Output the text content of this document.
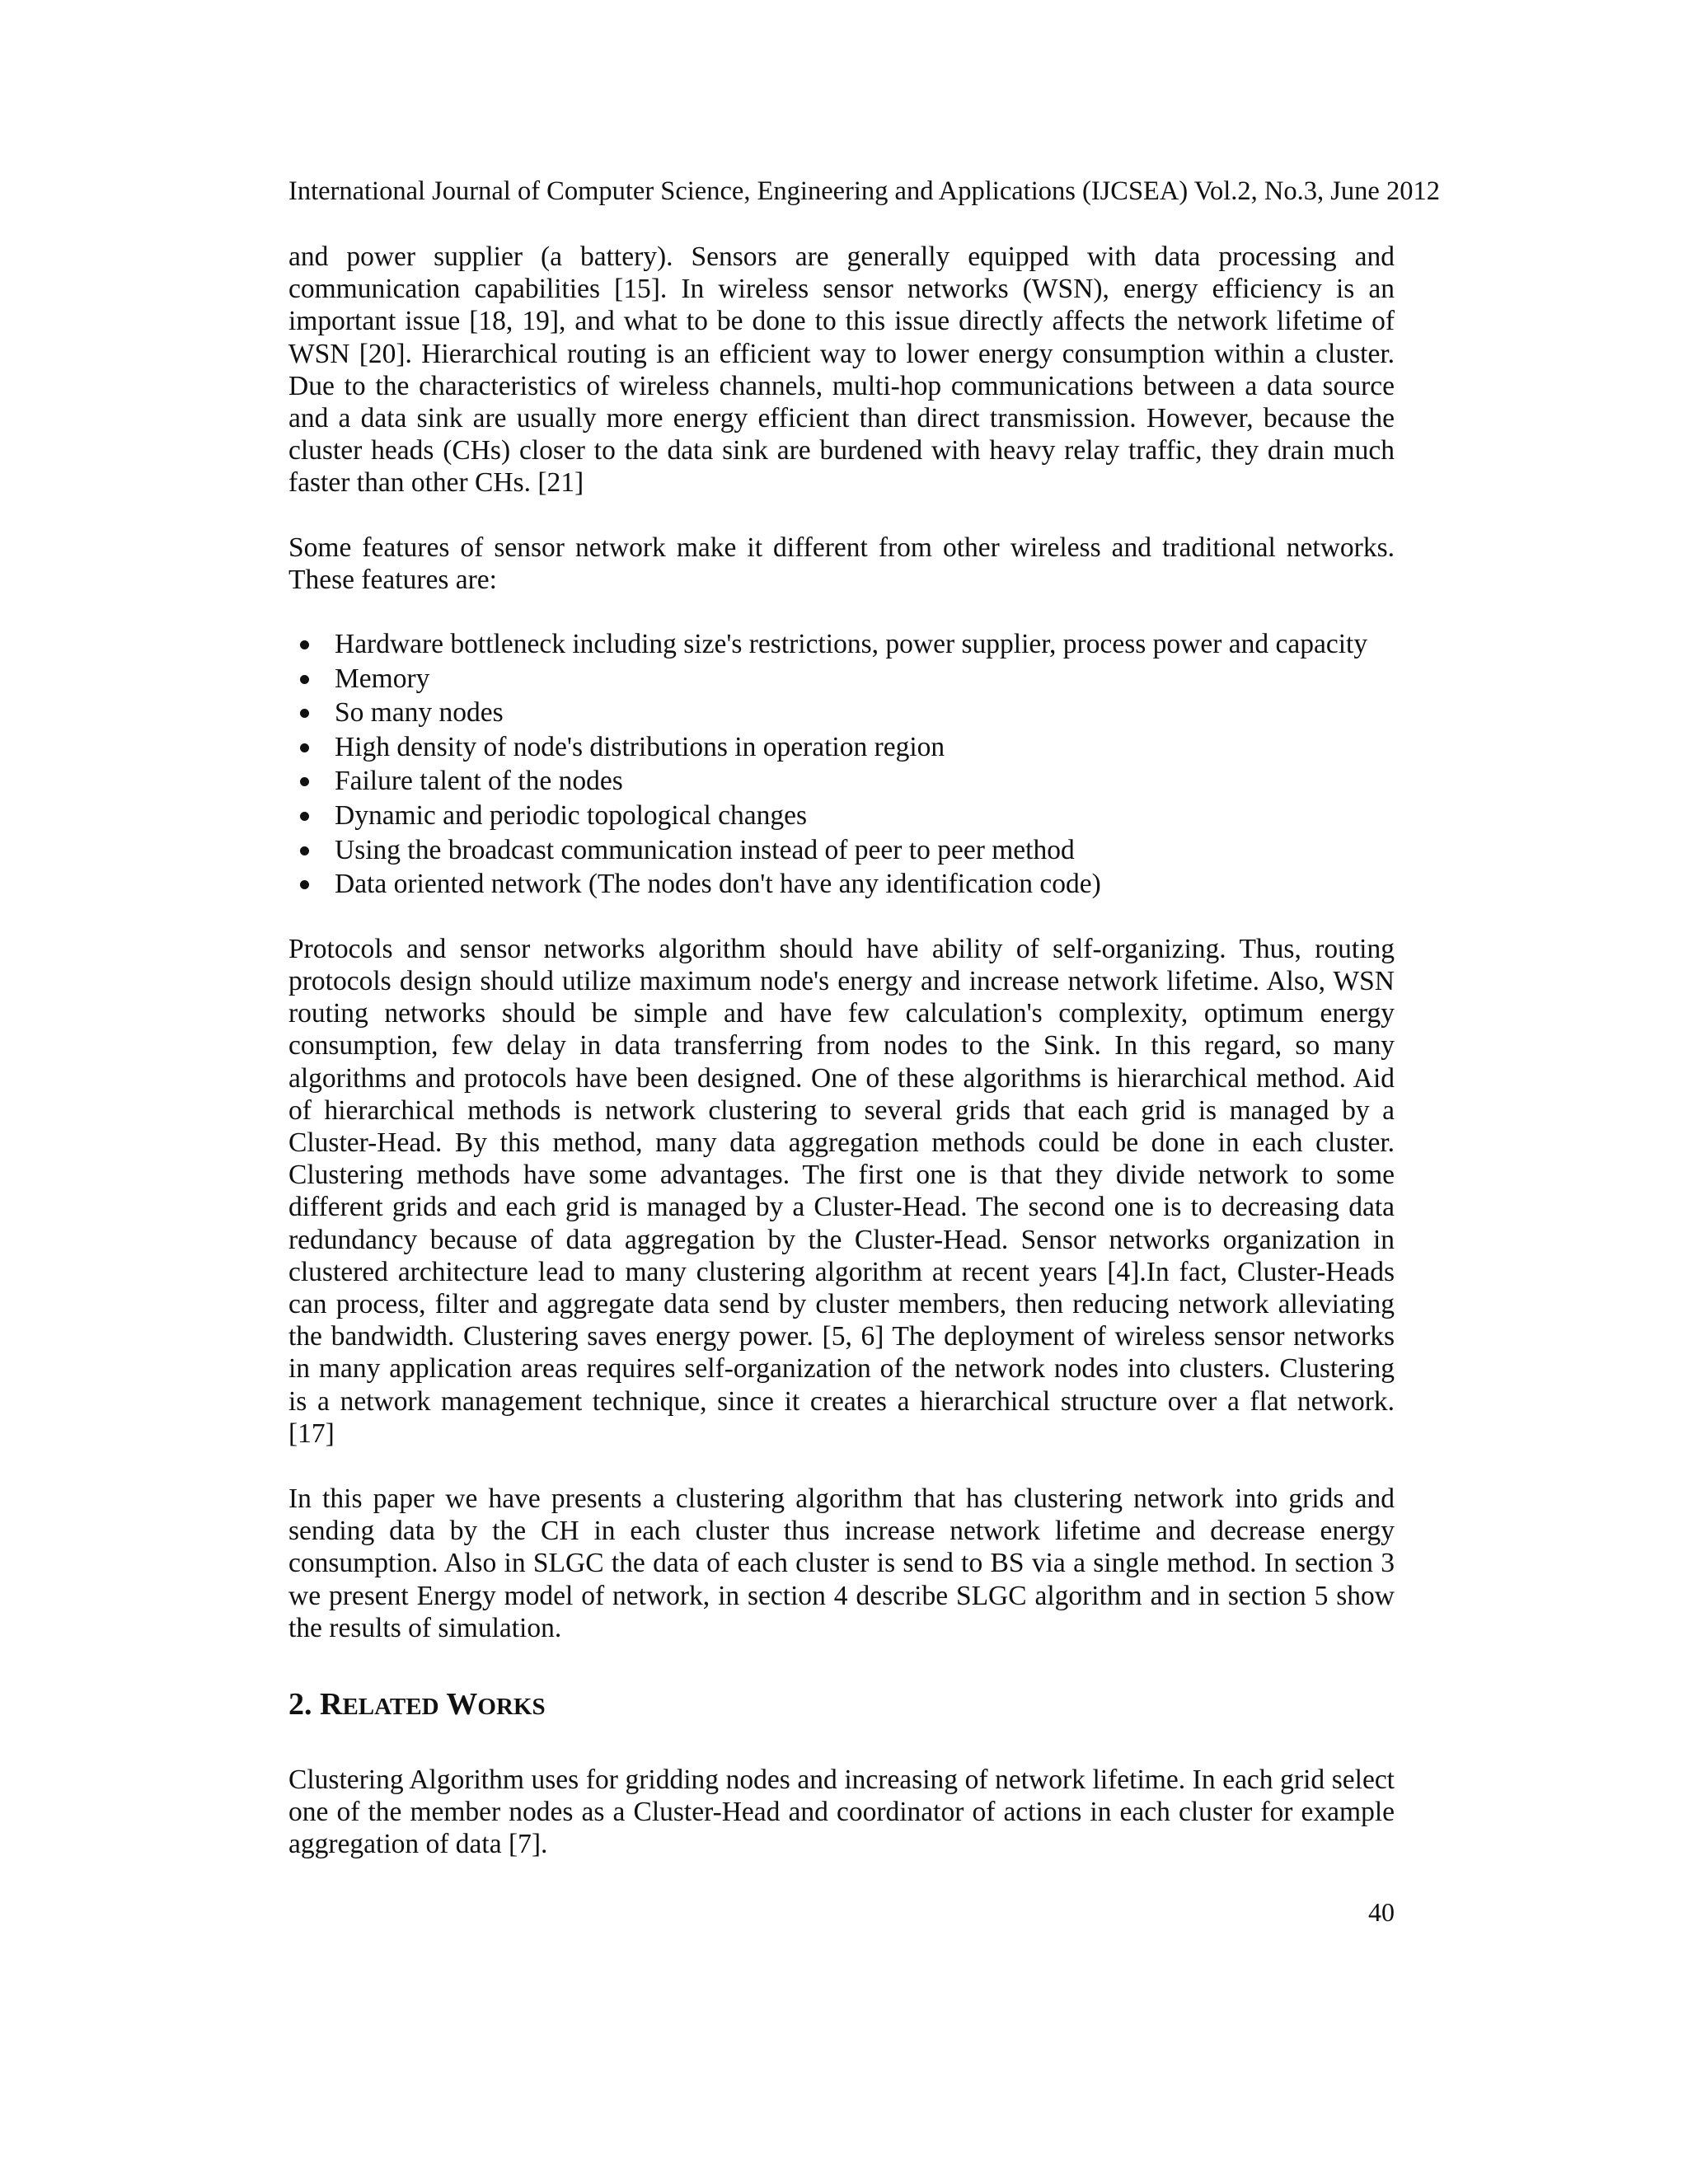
International Journal of Computer Science, Engineering and Applications (IJCSEA) Vol.2, No.3, June 2012

and power supplier (a battery). Sensors are generally equipped with data processing and communication capabilities [15]. In wireless sensor networks (WSN), energy efficiency is an important issue [18, 19], and what to be done to this issue directly affects the network lifetime of WSN [20]. Hierarchical routing is an efficient way to lower energy consumption within a cluster. Due to the characteristics of wireless channels, multi-hop communications between a data source and a data sink are usually more energy efficient than direct transmission. However, because the cluster heads (CHs) closer to the data sink are burdened with heavy relay traffic, they drain much faster than other CHs. [21]

Some features of sensor network make it different from other wireless and traditional networks. These features are:

Hardware bottleneck including size's restrictions, power supplier, process power and capacity
Memory
So many nodes
High density of node's distributions in operation region
Failure talent of the nodes
Dynamic and periodic topological changes
Using the broadcast communication instead of peer to peer method
Data oriented network (The nodes don't have any identification code)

Protocols and sensor networks algorithm should have ability of self-organizing. Thus, routing protocols design should utilize maximum node's energy and increase network lifetime. Also, WSN routing networks should be simple and have few calculation's complexity, optimum energy consumption, few delay in data transferring from nodes to the Sink. In this regard, so many algorithms and protocols have been designed. One of these algorithms is hierarchical method. Aid of hierarchical methods is network clustering to several grids that each grid is managed by a Cluster-Head. By this method, many data aggregation methods could be done in each cluster. Clustering methods have some advantages. The first one is that they divide network to some different grids and each grid is managed by a Cluster-Head. The second one is to decreasing data redundancy because of data aggregation by the Cluster-Head. Sensor networks organization in clustered architecture lead to many clustering algorithm at recent years [4].In fact, Cluster-Heads can process, filter and aggregate data send by cluster members, then reducing network alleviating the bandwidth. Clustering saves energy power. [5, 6] The deployment of wireless sensor networks in many application areas requires self-organization of the network nodes into clusters. Clustering is a network management technique, since it creates a hierarchical structure over a flat network. [17]

In this paper we have presents a clustering algorithm that has clustering network into grids and sending data by the CH in each cluster thus increase network lifetime and decrease energy consumption. Also in SLGC the data of each cluster is send to BS via a single method. In section 3 we present Energy model of network, in section 4 describe SLGC algorithm and in section 5 show the results of simulation.

2. RELATED WORKS

Clustering Algorithm uses for gridding nodes and increasing of network lifetime. In each grid select one of the member nodes as a Cluster-Head and coordinator of actions in each cluster for example aggregation of data [7].

40
